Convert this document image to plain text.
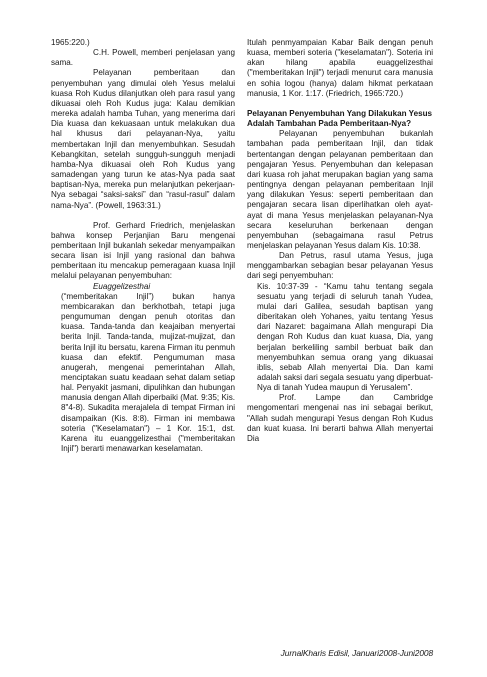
1965:220.)

C.H. Powell, memberi penjelasan yang sama.

Pelayanan pemberitaan dan penyembuhan yang dimulai oleh Yesus melalui kuasa Roh Kudus dilanjutkan oleh para rasul yang dikuasai oleh Roh Kudus juga: Kalau demikian mereka adalah hamba Tuhan, yang menerima dari Dia kuasa dan kekuasaan untuk melakukan dua hal khusus dari pelayanan-Nya, yaitu membertakan Injil dan menyembuhkan. Sesudah Kebangkitan, setelah sungguh-sungguh menjadi hamba-Nya dikuasai oleh Roh Kudus yang samadengan yang turun ke atas-Nya pada saat baptisan-Nya, mereka pun melanjutkan pekerjaan-Nya sebagai “saksi-saksi” dan “rasul-rasul” dalam nama-Nya”. (Powell, 1963:31.)

Prof. Gerhard Friedrich, menjelaskan bahwa konsep Perjanjian Baru mengenai pemberitaan Injil bukanlah sekedar menyampaikan secara lisan isi Injil yang rasional dan bahwa pemberitaan itu mencakup pemeragaan kuasa Injil melalui pelayanan penyembuhan:

Euaggelizesthai

(“memberitakan Injil”) bukan hanya membicarakan dan berkhotbah, tetapi juga pengumuman dengan penuh otoritas dan kuasa. Tanda-tanda dan keajaiban menyertai berita Injil. Tanda-tanda, mujizat-mujizat, dan berita Injil itu bersatu, karena Firman itu penmuh kuasa dan efektif. Pengumuman masa anugerah, mengenai pemerintahan Allah, menciptakan suatu keadaan sehat dalam setiap hal. Penyakit jasmani, dipulihkan dan hubungan manusia dengan Allah diperbaiki (Mat. 9:35; Kis. 8"4-8). Sukadita merajalela di tempat Firman ini disampaikan (Kis. 8:8). Firman ini membawa soteria ("Keselamatan") – 1 Kor. 15:1, dst. Karena itu euanggelizesthai ("memberitakan Injil") berarti menawarkan keselamatan.

Itulah penmyampaian Kabar Baik dengan penuh kuasa, memberi soteria ("keselamatan"). Soteria ini akan hilang apabila euaggelizesthai ("memberitakan Injil") terjadi menurut cara manusia en sohia logou (hanya) dalam hikmat perkataan manusia, 1 Kor. 1:17. (Friedrich, 1965:720.)

Pelayanan Penyembuhan Yang Dilakukan Yesus Adalah Tambahan Pada Pemberitaan-Nya?

Pelayanan penyembuhan bukanlah tambahan pada pemberitaan Injil, dan tidak bertentangan dengan pelayanan pemberitaan dan pengajaran Yesus. Penyembuhan dan kelepasan dari kuasa roh jahat merupakan bagian yang sama pentingnya dengan pelayanan pemberitaan Injil yang dilakukan Yesus: seperti pemberitaan dan pengajaran secara lisan diperlihatkan oleh ayat-ayat di mana Yesus menjelaskan pelayanan-Nya secara keseluruhan berkenaan dengan penyembuhan (sebagaimana rasul Petrus menjelaskan pelayanan Yesus dalam Kis. 10:38.

Dan Petrus, rasul utama Yesus, juga menggambarkan sebagian besar pelayanan Yesus dari segi penyembuhan:

Kis. 10:37-39 - “Kamu tahu tentang segala sesuatu yang terjadi di seluruh tanah Yudea, mulai dari Galilea, sesudah baptisan yang diberitakan oleh Yohanes, yaitu tentang Yesus dari Nazaret: bagaimana Allah mengurapi Dia dengan Roh Kudus dan kuat kuasa, Dia, yang berjalan berkeliling sambil berbuat baik dan menyembuhkan semua orang yang dikuasai iblis, sebab Allah menyertai Dia. Dan kami adalah saksi dari segala sesuatu yang diperbuat-Nya di tanah Yudea maupun di Yerusalem”.

Prof. Lampe dan Cambridge mengomentari mengenai nas ini sebagai berikut, "Allah sudah mengurapi Yesus dengan Roh Kudus dan kuat kuasa. Ini berarti bahwa Allah menyertai Dia

JurnalKharis Edisil, Januari2008-Juni2008
